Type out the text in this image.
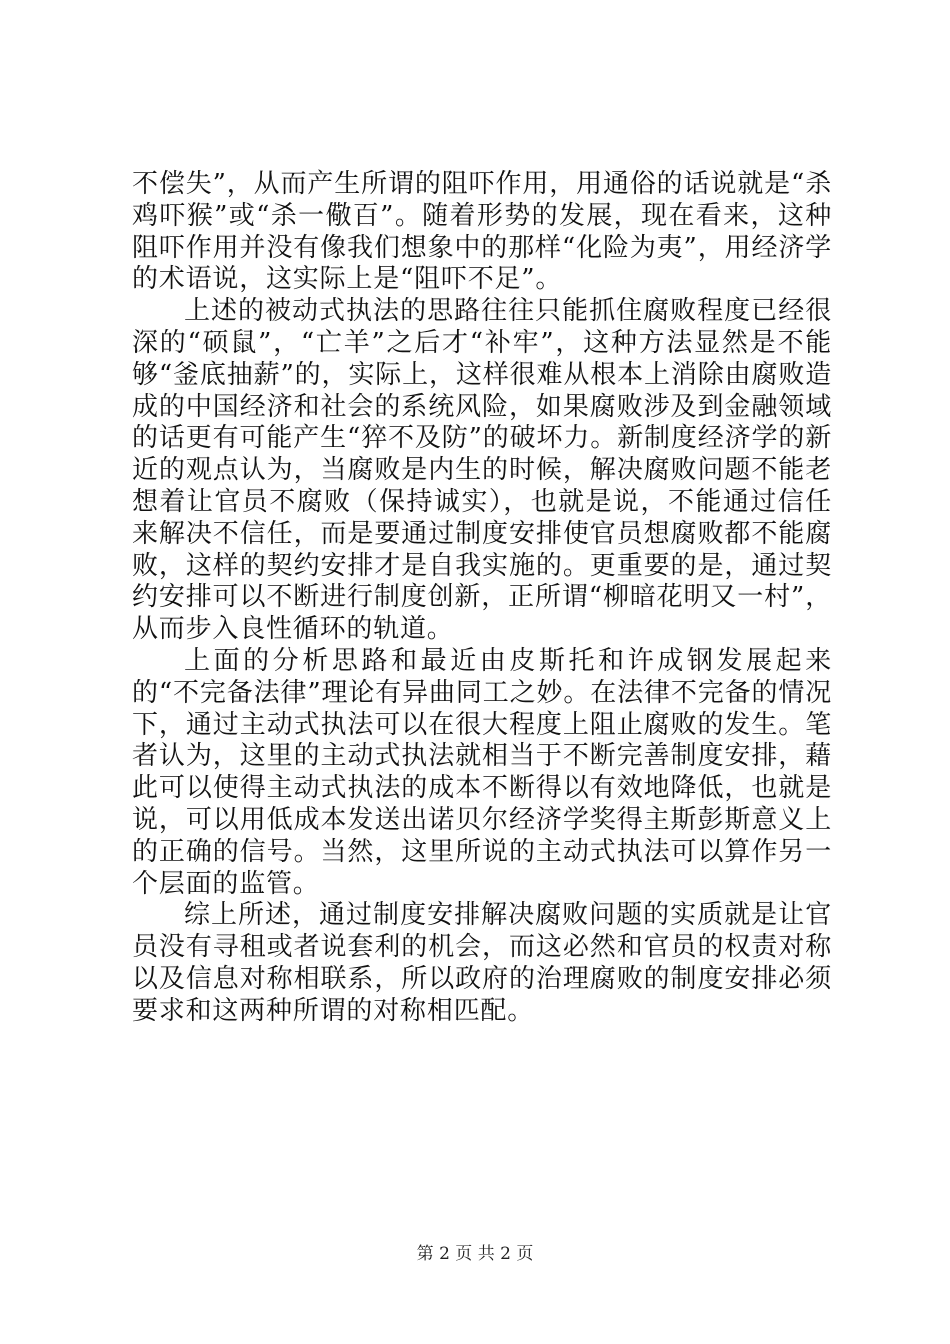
不偿失”，从而产生所谓的阻吓作用，用通俗的话说就是“杀鸡吓猴”或“杀一儆百”。随着形势的发展，现在看来，这种阻吓作用并没有像我们想象中的那样“化险为夷”，用经济学的术语说，这实际上是“阻吓不足”。

上述的被动式执法的思路往往只能抓住腐败程度已经很深的“硕鼠”，“亡羊”之后才“补牢”，这种方法显然是不能够“釜底抽薪”的，实际上，这样很难从根本上消除由腐败造成的中国经济和社会的系统风险，如果腐败涉及到金融领域的话更有可能产生“猝不及防”的破坏力。新制度经济学的新近的观点认为，当腐败是内生的时候，解决腐败问题不能老想着让官员不腐败（保持诚实），也就是说，不能通过信任来解决不信任，而是要通过制度安排使官员想腐败都不能腐败，这样的契约安排才是自我实施的。更重要的是，通过契约安排可以不断进行制度创新，正所谓“柳暗花明又一村”，从而步入良性循环的轨道。

上面的分析思路和最近由皮斯托和许成钢发展起来的“不完备法律”理论有异曲同工之妙。在法律不完备的情况下，通过主动式执法可以在很大程度上阻止腐败的发生。笔者认为，这里的主动式执法就相当于不断完善制度安排，藉此可以使得主动式执法的成本不断得以有效地降低，也就是说，可以用低成本发送出诺贝尔经济学奖得主斯彭斯意义上的正确的信号。当然，这里所说的主动式执法可以算作另一个层面的监管。

综上所述，通过制度安排解决腐败问题的实质就是让官员没有寻租或者说套利的机会，而这必然和官员的权责对称以及信息对称相联系，所以政府的治理腐败的制度安排必须要求和这两种所谓的对称相匹配。

第 2 页 共 2 页
